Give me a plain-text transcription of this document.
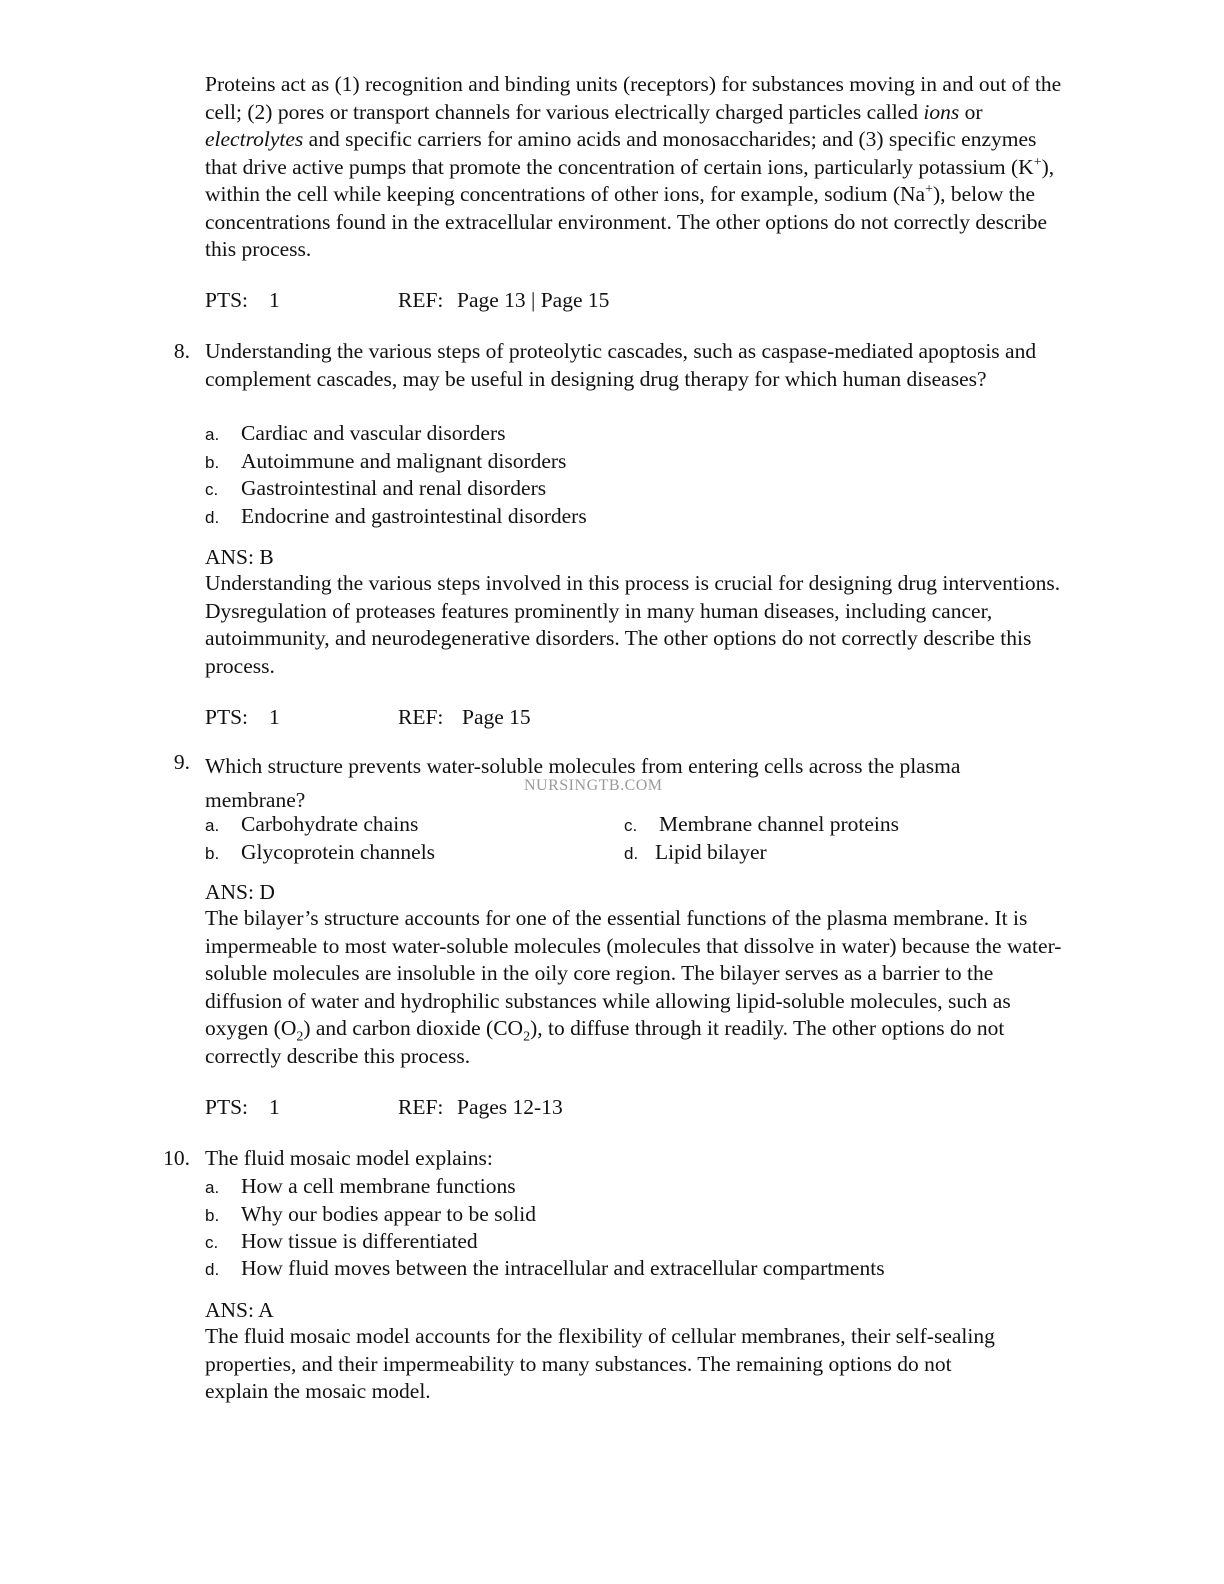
Proteins act as (1) recognition and binding units (receptors) for substances moving in and out of the cell; (2) pores or transport channels for various electrically charged particles called ions or electrolytes and specific carriers for amino acids and monosaccharides; and (3) specific enzymes that drive active pumps that promote the concentration of certain ions, particularly potassium (K+), within the cell while keeping concentrations of other ions, for example, sodium (Na+), below the concentrations found in the extracellular environment. The other options do not correctly describe this process.

PTS: 1	REF: Page 13 | Page 15
8. Understanding the various steps of proteolytic cascades, such as caspase-mediated apoptosis and complement cascades, may be useful in designing drug therapy for which human diseases?

a. Cardiac and vascular disorders
b. Autoimmune and malignant disorders
c. Gastrointestinal and renal disorders
d. Endocrine and gastrointestinal disorders
ANS: B

Understanding the various steps involved in this process is crucial for designing drug interventions. Dysregulation of proteases features prominently in many human diseases, including cancer, autoimmunity, and neurodegenerative disorders. The other options do not correctly describe this process.

PTS: 1	REF: Page 15
9. Which structure prevents water-soluble molecules from entering cells across the plasma membrane?

a. Carbohydrate chains
b. Glycoprotein channels
c. Membrane channel proteins
d. Lipid bilayer
ANS: D

The bilayer’s structure accounts for one of the essential functions of the plasma membrane. It is impermeable to most water-soluble molecules (molecules that dissolve in water) because the water-soluble molecules are insoluble in the oily core region. The bilayer serves as a barrier to the diffusion of water and hydrophilic substances while allowing lipid-soluble molecules, such as oxygen $(O_2)$ and carbon dioxide $(CO_2)$, to diffuse through it readily. The other options do not correctly describe this process.

PTS: 1	REF: Pages 12-13
10. The fluid mosaic model explains:

a. How a cell membrane functions
b. Why our bodies appear to be solid
c. How tissue is differentiated
d. How fluid moves between the intracellular and extracellular compartments
ANS: A

The fluid mosaic model accounts for the flexibility of cellular membranes, their self-sealing properties, and their impermeability to many substances. The remaining options do not explain the mosaic model.

NURSINGTB.COM
